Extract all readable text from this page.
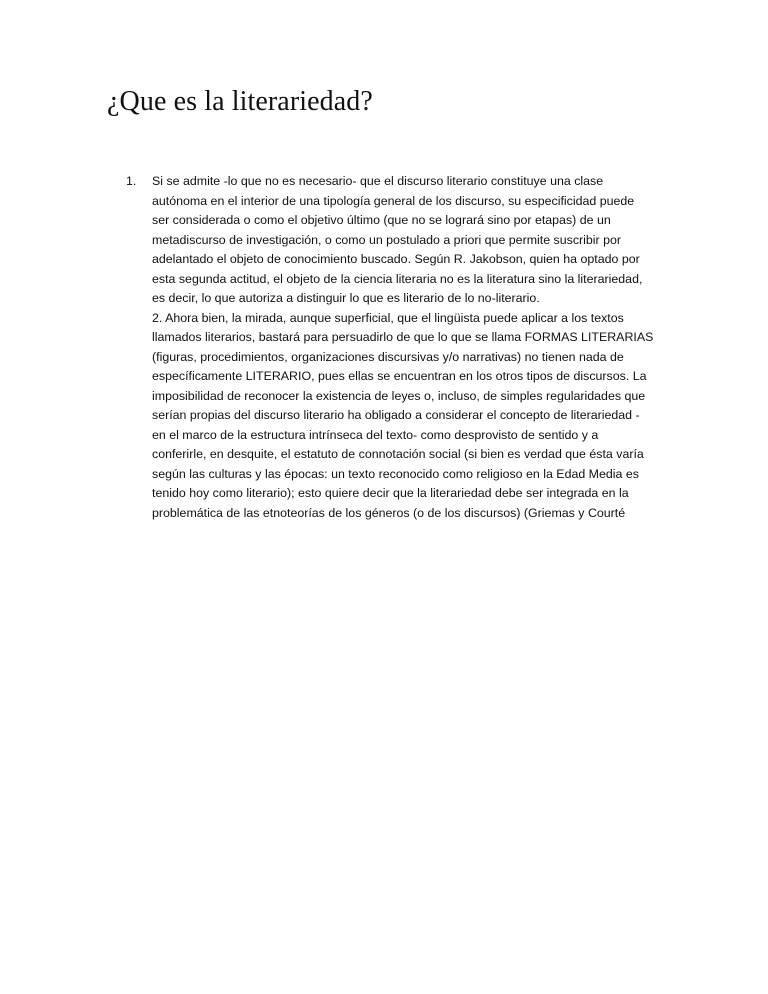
¿Que es la literariedad?
1.	Si se admite -lo que no es necesario- que el discurso literario constituye una clase
autónoma en el interior de una tipología general de los discurso, su especificidad puede
ser considerada o como el objetivo último (que no se logrará sino por etapas) de un
metadiscurso de investigación, o como un postulado a priori que permite suscribir por
adelantado el objeto de conocimiento buscado. Según R. Jakobson, quien ha optado por
esta segunda actitud, el objeto de la ciencia literaria no es la literatura sino la literariedad,
es decir, lo que autoriza a distinguir lo que es literario de lo no-literario.
2. Ahora bien, la mirada, aunque superficial, que el lingüista puede aplicar a los textos
llamados literarios, bastará para persuadirlo de que lo que se llama FORMAS LITERARIAS
(figuras, procedimientos, organizaciones discursivas y/o narrativas) no tienen nada de
específicamente LITERARIO, pues ellas se encuentran en los otros tipos de discursos. La
imposibilidad de reconocer la existencia de leyes o, incluso, de simples regularidades que
serían propias del discurso literario ha obligado a considerar el concepto de literariedad -
en el marco de la estructura intrínseca del texto- como desprovisto de sentido y a
conferirle, en desquite, el estatuto de connotación social (si bien es verdad que ésta varía
según las culturas y las épocas: un texto reconocido como religioso en la Edad Media es
tenido hoy como literario); esto quiere decir que la literariedad debe ser integrada en la
problemática de las etnoteorías de los géneros (o de los discursos) (Griemas y Courté
